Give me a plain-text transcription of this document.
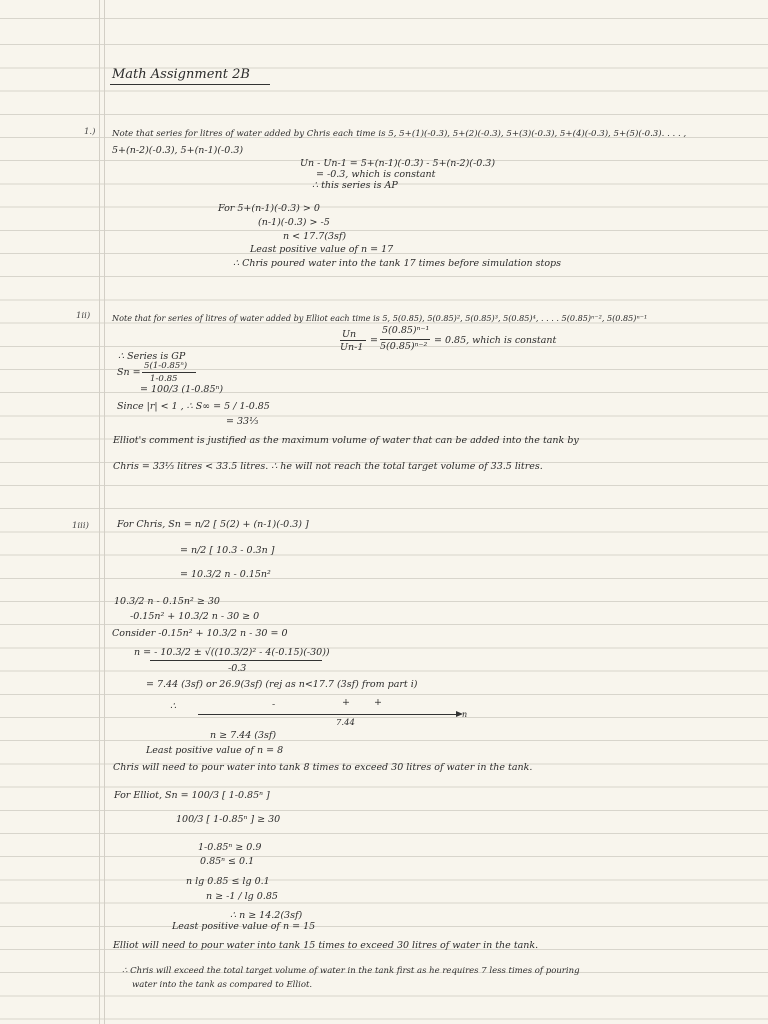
Math Assignment 2B
1.) Note that series for litres of water added by Chris each time is 5, 5+(1)(-0.3), 5+(2)(-0.3), 5+(3)(-0.3), 5+(4)(-0.3), 5+(5)(-0.3). . . . ,
5+(n-2)(-0.3), 5+(n-1)(-0.3)
Un - Un-1 = 5+(n-1)(-0.3) - 5+(n-2)(-0.3)
= -0.3, which is constant
∴ this series is AP
For 5+(n-1)(-0.3) > 0
(n-1)(-0.3) > -5
n < 17.7(3sf)
Least positive value of n = 17
∴ Chris poured water into the tank 17 times before simulation stops
1ii)	Note that for series of litres of water added by Elliot each time is 5, 5(0.85), 5(0.85)², 5(0.85)³, 5(0.85)⁴, . . . . 5(0.85)ⁿ⁻², 5(0.85)ⁿ⁻¹
Un
Un-1
=
5(0.85)ⁿ⁻¹
5(0.85)ⁿ⁻²
= 0.85, which is constant
∴ Series is GP
Sn =
5(1-0.85ⁿ)
1-0.85
= 100/3 (1-0.85ⁿ)
Since |r| < 1 , ∴ S∞ = 5 / 1-0.85
= 33⅓
Elliot's comment is justified as the maximum volume of water that can be added into the tank by
Chris = 33⅓ litres < 33.5 litres. ∴ he will not reach the total target volume of 33.5 litres.
1iii)	For Chris, Sn = n/2 [ 5(2) + (n-1)(-0.3) ]
= n/2 [ 10.3 - 0.3n ]
= 10.3/2 n - 0.15n²
10.3/2 n - 0.15n² ≥ 30
-0.15n² + 10.3/2 n - 30 ≥ 0
Consider -0.15n² + 10.3/2 n - 30 = 0
n = - 10.3/2 ± √((10.3/2)² - 4(-0.15)(-30))
-0.3
= 7.44 (3sf) or 26.9(3sf) (rej as n<17.7 (3sf) from part i)
∴	-	+	+
n
7.44
n ≥ 7.44 (3sf)
Least positive value of n = 8
Chris will need to pour water into tank 8 times to exceed 30 litres of water in the tank.
For Elliot, Sn = 100/3 [ 1-0.85ⁿ ]
100/3 [ 1-0.85ⁿ ] ≥ 30
1-0.85ⁿ ≥ 0.9
0.85ⁿ ≤ 0.1
n lg 0.85 ≤ lg 0.1
n ≥ -1 / lg 0.85
∴ n ≥ 14.2(3sf)
Least positive value of n = 15
Elliot will need to pour water into tank 15 times to exceed 30 litres of water in the tank.
∴ Chris will exceed the total target volume of water in the tank first as he requires 7 less times of pouring
water into the tank as compared to Elliot.
